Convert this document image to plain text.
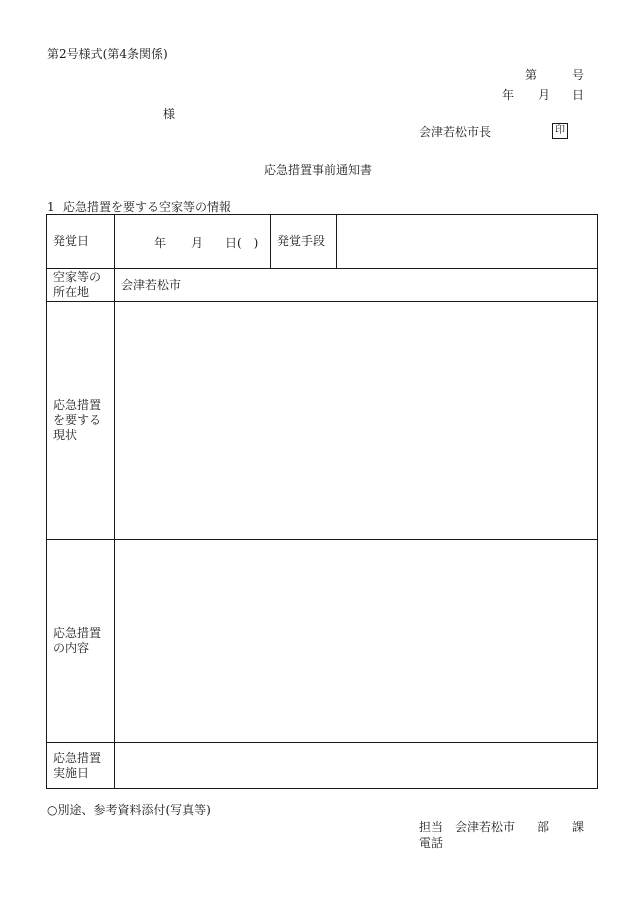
第2号様式(第4条関係)
第	号
年 月 日
様
会津若松市長	印
応急措置事前通知書
1 応急措置を要する空家等の情報
発覚日	年 月 日(　)	発覚手段	
空家等の所在地	会津若松市		
応急措置を要する現状			
応急措置の内容			
応急措置実施日			
○別途、参考資料添付(写真等)
担当　会津若松市 部 課
電話
